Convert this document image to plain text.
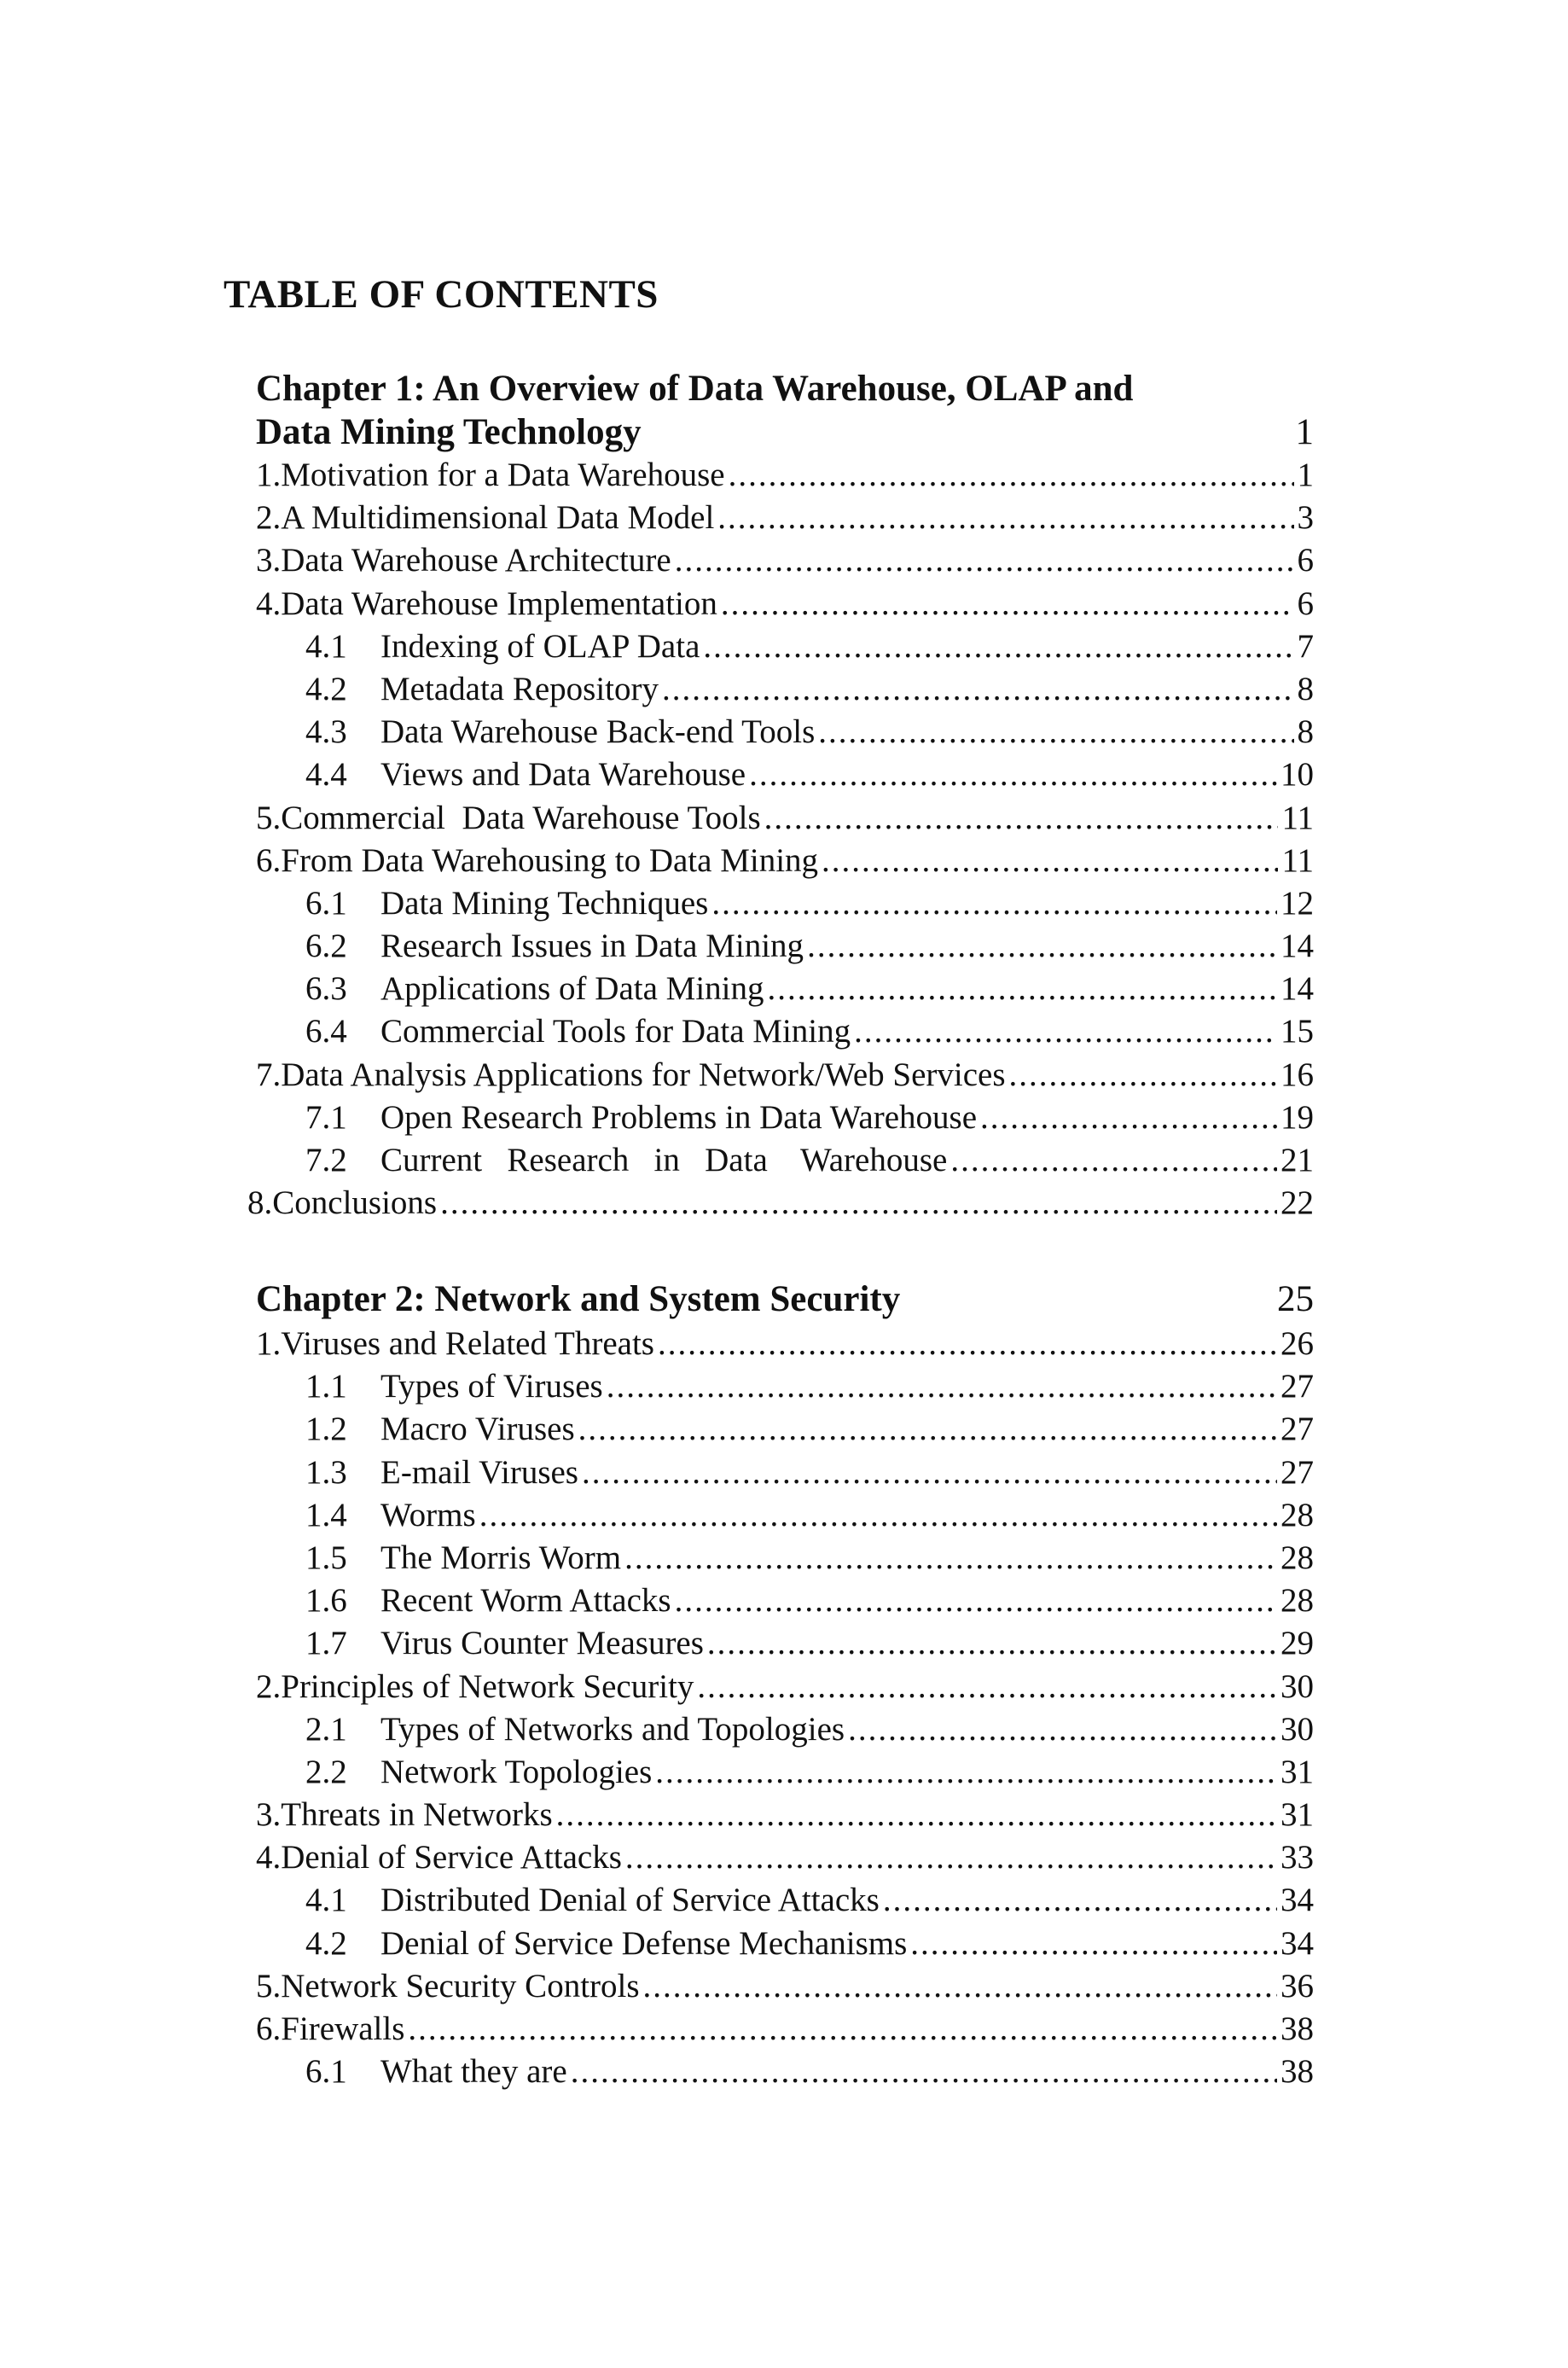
TABLE OF CONTENTS
Chapter 1: An Overview of Data Warehouse, OLAP and
Data Mining Technology	1
1. Motivation for a Data Warehouse .....	1
2. A Multidimensional Data Model .....	3
3. Data Warehouse Architecture .....	6
4. Data Warehouse Implementation .....	6
4.1	Indexing of OLAP Data .....	7
4.2	Metadata Repository .....	8
4.3	Data Warehouse Back-end Tools .....	8
4.4	Views and Data Warehouse .....	10
5. Commercial  Data Warehouse Tools .....	11
6. From Data Warehousing to Data Mining .....	11
6.1	Data Mining Techniques .....	12
6.2	Research Issues in Data Mining .....	14
6.3	Applications of Data Mining .....	14
6.4	Commercial Tools for Data Mining .....	15
7. Data Analysis Applications for Network/Web Services .....	16
7.1	Open Research Problems in Data Warehouse .....	19
7.2	Current   Research   in   Data    Warehouse .....	21
8. Conclusions .....	22
Chapter 2: Network and System Security	25
1. Viruses and Related Threats .....	26
1.1	Types of Viruses .....	27
1.2	Macro Viruses .....	27
1.3	E-mail Viruses .....	27
1.4	Worms .....	28
1.5	The Morris Worm .....	28
1.6	Recent Worm Attacks .....	28
1.7	Virus Counter Measures .....	29
2. Principles of Network Security .....	30
2.1	Types of Networks and Topologies .....	30
2.2	Network Topologies .....	31
3. Threats in Networks .....	31
4. Denial of Service Attacks .....	33
4.1	Distributed Denial of Service Attacks .....	34
4.2	Denial of Service Defense Mechanisms .....	34
5. Network Security Controls .....	36
6. Firewalls .....	38
6.1	What they are .....	38
